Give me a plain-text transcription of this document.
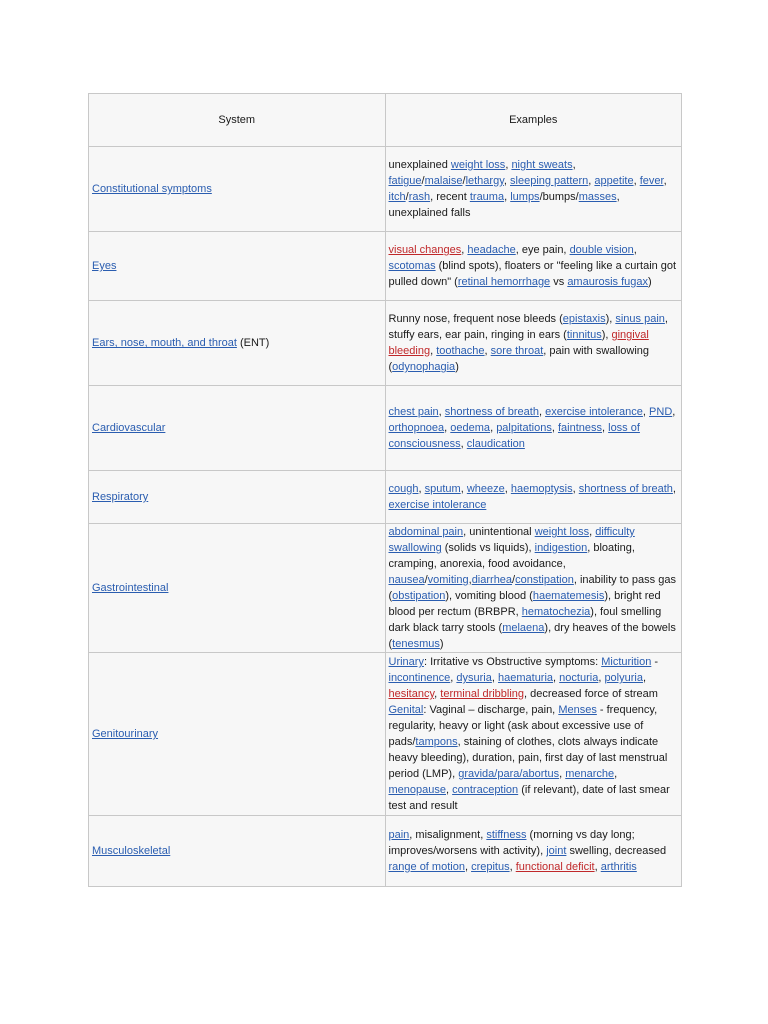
System	Examples
Constitutional symptoms	unexplained weight loss, night sweats, fatigue/malaise/lethargy, sleeping pattern, appetite, fever, itch/rash, recent trauma, lumps/bumps/masses, unexplained falls
Eyes	visual changes, headache, eye pain, double vision, scotomas (blind spots), floaters or "feeling like a curtain got pulled down" (retinal hemorrhage vs amaurosis fugax)
Ears, nose, mouth, and throat (ENT)	Runny nose, frequent nose bleeds (epistaxis), sinus pain, stuffy ears, ear pain, ringing in ears (tinnitus), gingival bleeding, toothache, sore throat, pain with swallowing (odynophagia)
Cardiovascular	chest pain, shortness of breath, exercise intolerance, PND, orthopnoea, oedema, palpitations, faintness, loss of consciousness, claudication
Respiratory	cough, sputum, wheeze, haemoptysis, shortness of breath, exercise intolerance
Gastrointestinal	abdominal pain, unintentional weight loss, difficulty swallowing (solids vs liquids), indigestion, bloating, cramping, anorexia, food avoidance, nausea/vomiting,diarrhea/constipation, inability to pass gas (obstipation), vomiting blood (haematemesis), bright red blood per rectum (BRBPR, hematochezia), foul smelling dark black tarry stools (melaena), dry heaves of the bowels (tenesmus)
Genitourinary	Urinary: Irritative vs Obstructive symptoms: Micturition - incontinence, dysuria, haematuria, nocturia, polyuria, hesitancy, terminal dribbling, decreased force of stream
Genital: Vaginal – discharge, pain, Menses - frequency, regularity, heavy or light (ask about excessive use of pads/tampons, staining of clothes, clots always indicate heavy bleeding), duration, pain, first day of last menstrual period (LMP), gravida/para/abortus, menarche, menopause, contraception (if relevant), date of last smear test and result
Musculoskeletal	pain, misalignment, stiffness (morning vs day long; improves/worsens with activity), joint swelling, decreased range of motion, crepitus, functional deficit, arthritis
